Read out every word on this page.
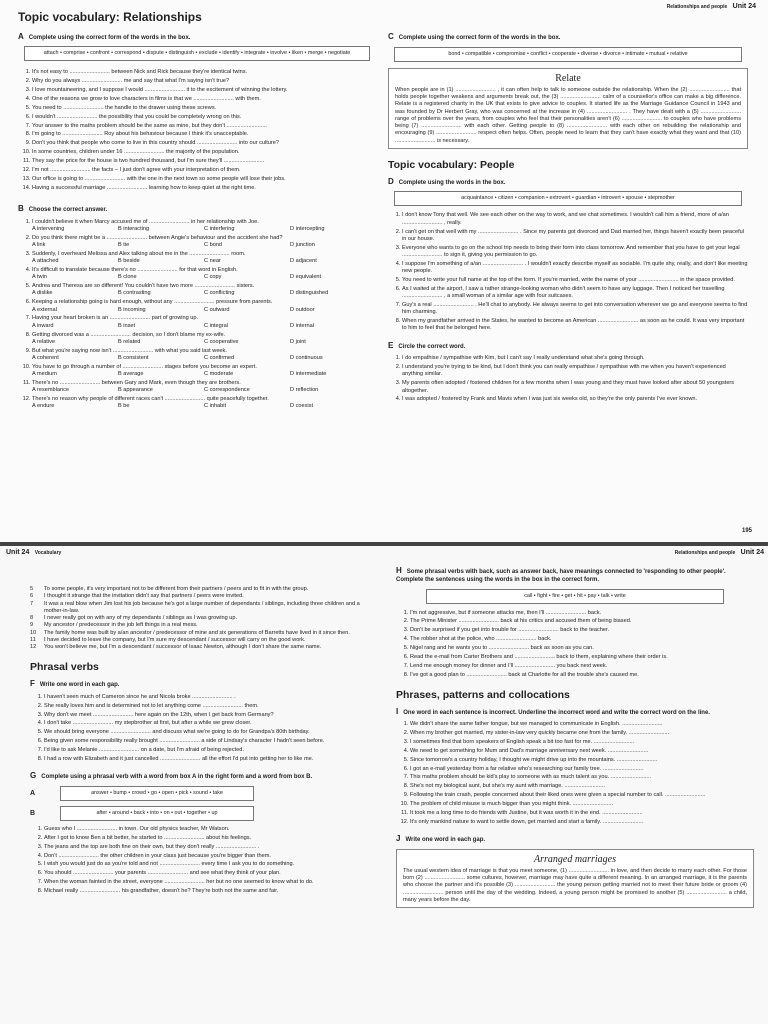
Relationships and people Unit 24
Topic vocabulary: Relationships
A Complete using the correct form of the words in the box.
attach • comprise • confront • correspond • dispute • distinguish • exclude • identify • integrate • involve • liken • merge • negotiate
1. It's not easy to .......................... between Nick and Rick because they're identical twins.
2. Why do you always .......................... me and say that what I'm saying isn't true?
3. I love mountaineering, and I suppose I would .......................... it to the excitement of winning the lottery.
4. One of the reasons we grow to love characters in films is that we .......................... with them.
5. You need to .......................... the handle to the drawer using these screws.
6. I wouldn't .......................... the possibility that you could be completely wrong on this.
7. Your answer to the maths problem should be the same as mine, but they don't ..........................
8. I'm going to .......................... Roy about his behaviour because I think it's unacceptable.
9. Don't you think that people who come to live in this country should .......................... into our culture?
10. In some countries, children under 16 .......................... the majority of the population.
11. They say the price for the house is two hundred thousand, but I'm sure they'll ..........................
12. I'm not .......................... the facts – I just don't agree with your interpretation of them.
13. Our office is going to .......................... with the one in the next town so some people will lose their jobs.
14. Having a successful marriage .......................... learning how to keep quiet at the right time.
B Choose the correct answer.
1. I couldn't believe it when Marcy accused me of .......................... in her relationship with Joe.
A intervening	B interacting	C interfering	D intercepting
2. Do you think there might be a .......................... between Angie's behaviour and the accident she had?
A link	B tie	C bond	D junction
3. Suddenly, I overheard Melissa and Alex talking about me in the .......................... room.
A attached	B beside	C near	D adjacent
4. It's difficult to translate because there's no .......................... for that word in English.
A twin	B clone	C copy	D equivalent
5. Andrea and Theresa are so different! You couldn't have two more .......................... sisters.
A dislike	B contrasting	C conflicting	D distinguished
6. Keeping a relationship going is hard enough, without any .......................... pressure from parents.
A external	B incoming	C outward	D outdoor
7. Having your heart broken is an .......................... part of growing up.
A inward	B inset	C integral	D internal
8. Getting divorced was a .......................... decision, so I don't blame my ex-wife.
A relative	B related	C cooperative	D joint
9. But what you're saying now isn't .......................... with what you said last week.
A coherent	B consistent	C confirmed	D continuous
10. You have to go through a number of .......................... stages before you become an expert.
A medium	B average	C moderate	D intermediate
11. There's no .......................... between Gary and Mark, even though they are brothers.
A resemblance	B appearance	C correspondence	D reflection
12. There's no reason why people of different races can't .......................... quite peacefully together.
A endure	B be	C inhabit	D coexist
C Complete using the correct form of the words in the box.
bond • compatible • compromise • conflict • cooperate • diverse • divorce • intimate • mutual • relative
Relate

When people are in (1) .......................... , it can often help to talk to someone outside the relationship. When the (2) .......................... that holds people together weakens and arguments break out, the (3) .......................... calm of a counsellor's office can make a big difference. Relate is a registered charity in the UK that exists to give advice to couples. It started life as the Marriage Guidance Council in 1943 and was founded by Dr Herbert Gray, who was concerned at the increase in (4) .......................... . They have dealt with a (5) .......................... range of problems over the years, from couples who feel that their personalities aren't (6) .......................... to couples who have problems being (7) .......................... with each other. Getting people to (8) .......................... with each other on rebuilding the relationship and encouraging (9) .......................... respect often helps. Often, people need to learn that they can't have exactly what they want and that (10) .......................... is necessary.

Topic vocabulary: People
D Complete using the words in the box.
acquaintance • citizen • companion • extrovert • guardian • introvert • spouse • stepmother
1. I don't know Tony that well. We see each other on the way to work, and we chat sometimes. I wouldn't call him a friend, more of a/an .......................... , really.
2. I can't get on that well with my .......................... . Since my parents got divorced and Dad married her, things haven't exactly been peaceful in our house.
3. Everyone who wants to go on the school trip needs to bring their form into class tomorrow. And remember that you have to get your legal .......................... to sign it, giving you permission to go.
4. I suppose I'm something of a/an .......................... . I wouldn't exactly describe myself as sociable. I'm quite shy, really, and don't like meeting new people.
5. You need to write your full name at the top of the form. If you're married, write the name of your .......................... in the space provided.
6. As I waited at the airport, I saw a rather strange-looking woman who didn't seem to have any luggage. Then I noticed her travelling .......................... , a small woman of a similar age with four suitcases.
7. Guy's a real .......................... . He'll chat to anybody. He always seems to get into conversation wherever we go and everyone seems to find him charming.
8. When my grandfather arrived in the States, he wanted to become an American .......................... as soon as he could. It was very important to him to feel that he belonged here.
E Circle the correct word.
1. I do empathise / sympathise with Kim, but I can't say I really understand what she's going through.
2. I understand you're trying to be kind, but I don't think you can really empathise / sympathise with me when you haven't experienced anything similar.
3. My parents often adopted / fostered children for a few months when I was young and they must have looked after about 50 youngsters altogether.
4. I was adopted / fostered by Frank and Mavis when I was just six weeks old, so they're the only parents I've ever known.
195
Unit 24 Vocabulary	Relationships and people Unit 24
5	To some people, it's very important not to be different from their partners / peers and to fit in with the group.
6	I thought it strange that the invitation didn't say that partners / peers were invited.
7	It was a real blow when Jim lost his job because he's got a large number of dependants / siblings, including three children and a mother-in-law.
8	I never really got on with any of my dependants / siblings as I was growing up.
9	My ancestor / predecessor in the job left things in a real mess.
10	The family home was built by a/an ancestor / predecessor of mine and six generations of Barretts have lived in it since then.
11	I have decided to leave the company, but I'm sure my descendant / successor will carry on the good work.
12	You won't believe me, but I'm a descendant / successor of Isaac Newton, although I don't share the same name.
Phrasal verbs
F Write one word in each gap.
1. I haven't seen much of Cameron since he and Nicola broke .......................... .
2. She really loves him and is determined not to let anything come .......................... them.
3. Why don't we meet .......................... here again on the 12th, when I get back from Germany?
4. I don't take .......................... my stepbrother at first, but after a while we grew closer.
5. We should bring everyone .......................... and discuss what we're going to do for Grandpa's 80th birthday.
6. Being given some responsibility really brought .......................... a side of Lindsay's character I hadn't seen before.
7. I'd like to ask Melanie .......................... on a date, but I'm afraid of being rejected.
8. I had a row with Elizabeth and it just cancelled .......................... all the effort I'd put into getting her to like me.
G Complete using a phrasal verb with a word from box A in the right form and a word from box B.
A	answer • bump • crowd • go • open • pick • sound • take
B	after • around • back • into • on • out • together • up
1. Guess who I .......................... in town. Our old physics teacher, Mr Watson.
2. After I got to know Ben a bit better, he started to .......................... about his feelings.
3. The jeans and the top are both fine on their own, but they don't really .......................... .
4. Don't .......................... the other children in your class just because you're bigger than them.
5. I wish you would just do as you're told and not .......................... every time I ask you to do something.
6. You should .......................... your parents .......................... and see what they think of your plan.
7. When the woman fainted in the street, everyone .......................... her but no one seemed to know what to do.
8. Michael really .......................... his grandfather, doesn't he? They're both not the same and fair.
H Some phrasal verbs with back, such as answer back, have meanings connected to 'responding to other people'. Complete the sentences using the words in the box in the correct form.
call • fight • fire • get • hit • pay • talk • write
1. I'm not aggressive, but if someone attacks me, then I'll .......................... back.
2. The Prime Minister .......................... back at his critics and accused them of being biased.
3. Don't be surprised if you get into trouble for .......................... back to the teacher.
4. The robber shot at the police, who .......................... back.
5. Nigel rang and he wants you to .......................... back as soon as you can.
6. Read the e-mail from Carter Brothers and .......................... back to them, explaining where their order is.
7. Lend me enough money for dinner and I'll .......................... you back next week.
8. I've got a good plan to .......................... back at Charlotte for all the trouble she's caused me.
Phrases, patterns and collocations
I One word in each sentence is incorrect. Underline the incorrect word and write the correct word on the line.
1. We didn't share the same father tongue, but we managed to communicate in English. ..........................
2. When my brother got married, my sister-in-law very quickly became one from the family. ..........................
3. I sometimes find that born speakers of English speak a bit too fast for me. ..........................
4. We need to get something for Mum and Dad's marriage anniversary next week. ..........................
5. Since tomorrow's a country holiday, I thought we might drive up into the mountains. ..........................
6. I got an e-mail yesterday from a far relative who's researching our family tree. ..........................
7. This maths problem should be kid's play to someone with as much talent as you. ..........................
8. She's not my biological aunt, but she's my aunt with marriage. ..........................
9. Following the train crash, people concerned about their liked ones were given a special number to call. ..........................
10. The problem of child misuse is much bigger than you might think. ..........................
11. It took me a long time to do friends with Justine, but it was worth it in the end. ..........................
12. It's only mankind nature to want to settle down, get married and start a family. ..........................
J Write one word in each gap.
Arranged marriages

The usual western idea of marriage is that you meet someone, (1) .......................... in love, and then decide to marry each other. For those born (2) .......................... some cultures, however, marriage may have quite a different meaning. In an arranged marriage, it is the parents who choose the partner and it's possible (3) .......................... the young person getting married not to meet their future bride or groom (4) .......................... person until the day of the wedding. Indeed, a young person might be promised to another (5) .......................... a child, many years before the day.
